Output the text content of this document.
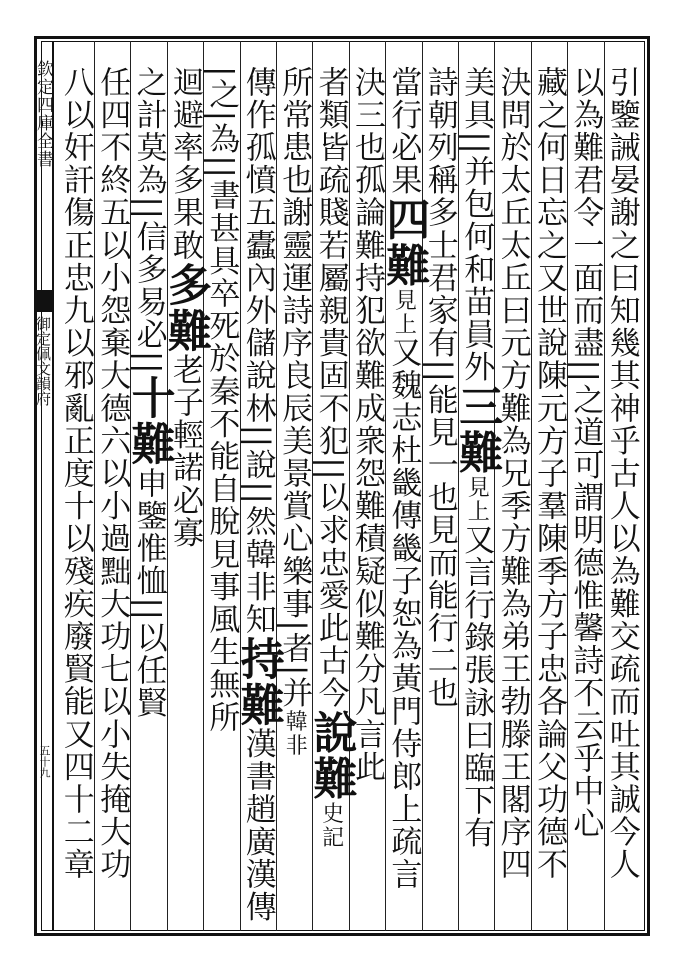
欽定四庫全書
御定佩文韻府
五十九	引鑒誡晏謝之曰知幾其神乎古人以為難交疏而吐其誠今人
以為難君令一面而盡||之道可謂明德惟馨詩不云乎中心
藏之何日忘之又世說陳元方子羣陳季方子忠各論父功德不
決問於太丘太丘曰元方難為兄季方難為弟王勃滕王閣序四
美具||并包何和苗員外三難見上又言行錄張詠曰臨下有
詩朝列稱多士君家有||能見一也見而能行二也
當行必果四難見上又魏志杜畿傳畿子恕為黃門侍郎上疏言
決三也孤論難持犯欲難成衆怨難積疑似難分凡言此
者類皆疏賤若屬親貴固不犯||以求忠愛此古今說難史記
所常患也謝靈運詩序良辰美景賞心樂事|者|并韓非
傳作孤憤五蠹內外儲說林||說||然韓非知持難漢書趙廣漢傳
|之|為||書甚具卒死於秦不能自脫見事風生無所
迴避率多果敢多難老子輕諾必寡
之計莫為||信多易必||十難申鑒惟恤||以任賢
任四不終五以小怨棄大德六以小過黜大功七以小失掩大功
八以奸訐傷正忠九以邪亂正度十以殘疾廢賢能又四十二章
